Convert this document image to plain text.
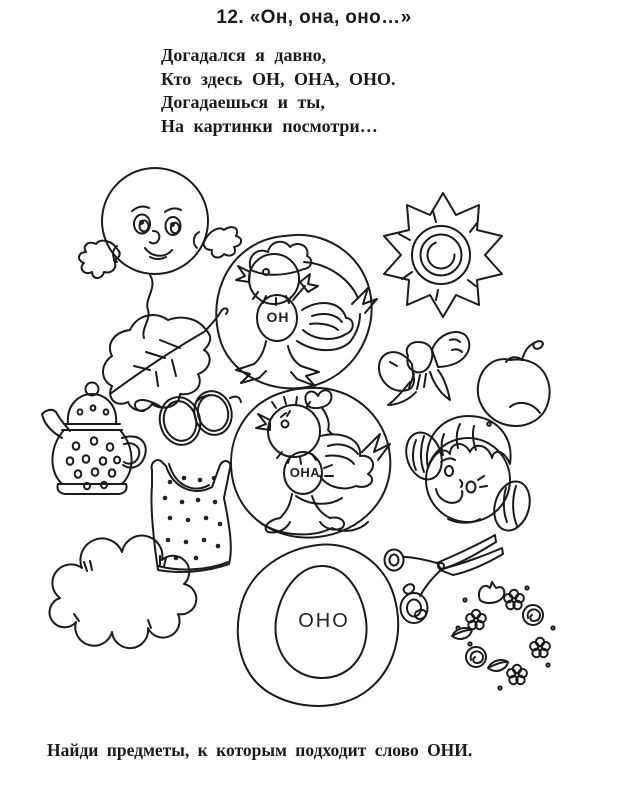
12. «Он, она, оно…»
Догадался я давно,
Кто здесь ОН, ОНА, ОНО.
Догадаешься и ты,
На картинки посмотри…
ОН
ОНА
ОНО
Найди предметы, к которым подходит слово ОНИ.
